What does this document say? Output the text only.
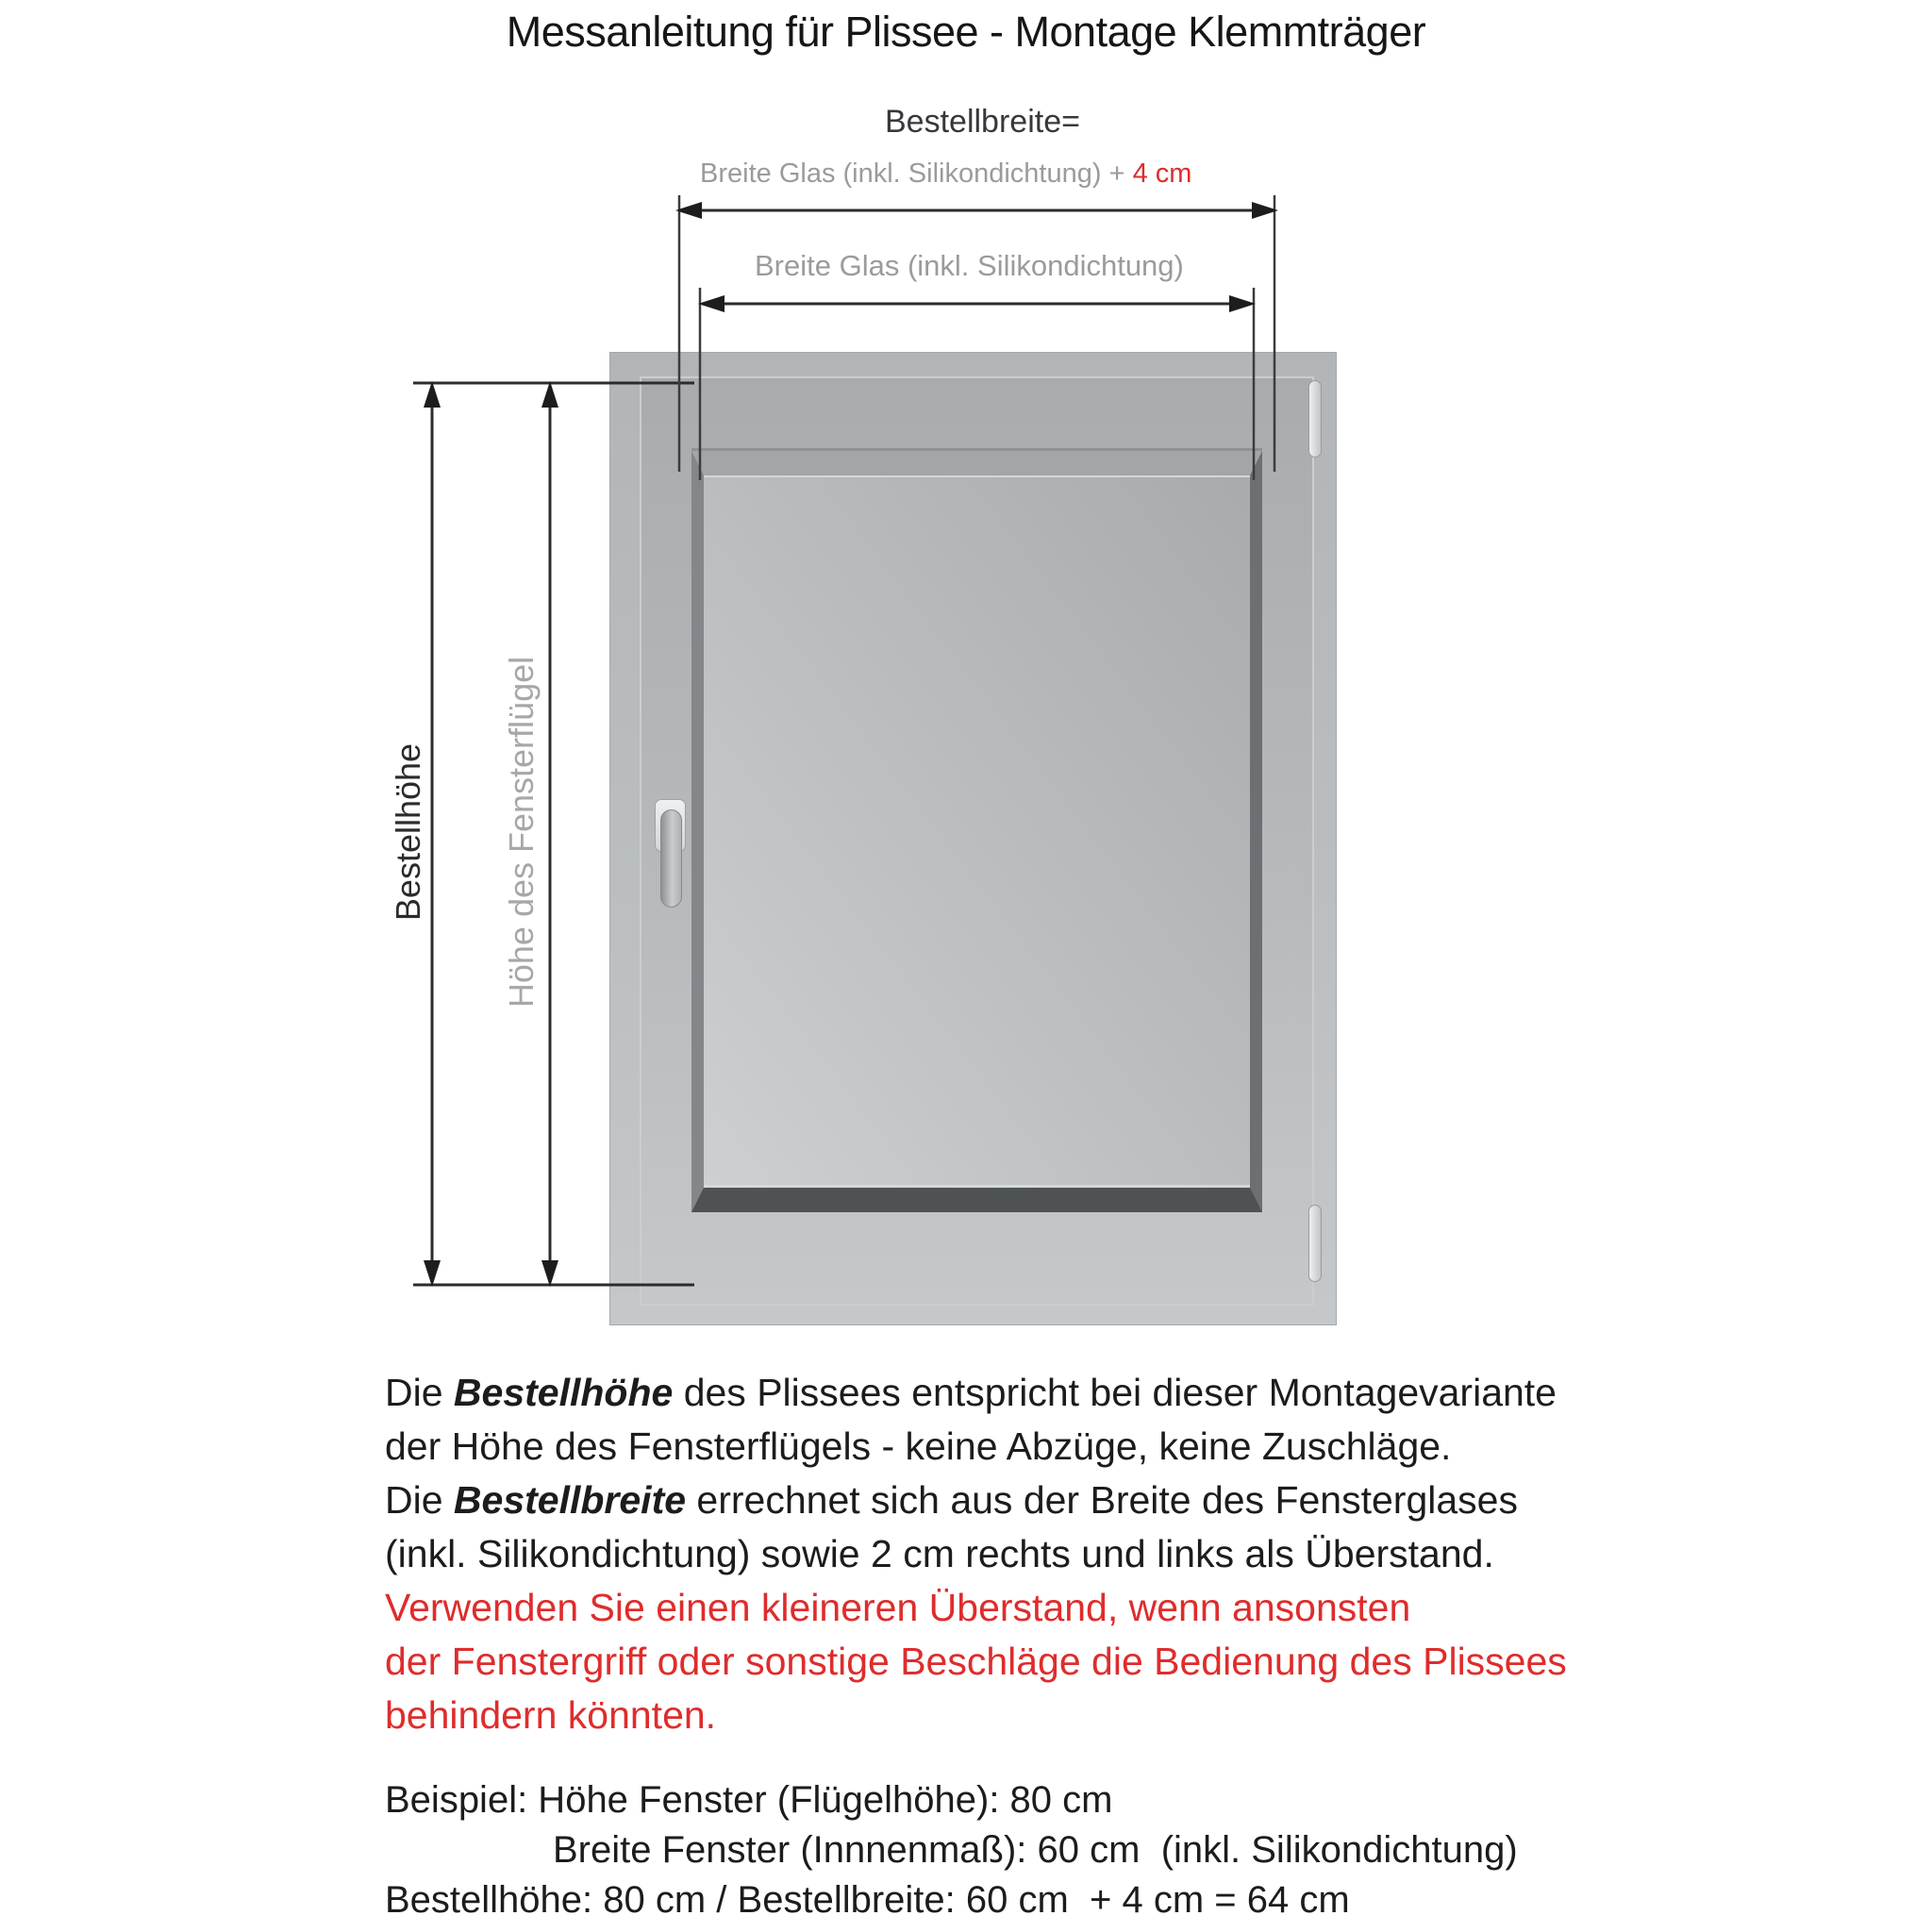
Messanleitung für Plissee - Montage Klemmträger
Bestellbreite=
Breite Glas (inkl. Silikondichtung) + 4 cm
Breite Glas (inkl. Silikondichtung)
Bestellhöhe Höhe des Fensterflügel
Die Bestellhöhe des Plissees entspricht bei dieser Montagevariante
der Höhe des Fensterflügels - keine Abzüge, keine Zuschläge.
Die Bestellbreite errechnet sich aus der Breite des Fensterglases
(inkl. Silikondichtung) sowie 2 cm rechts und links als Überstand.
Verwenden Sie einen kleineren Überstand, wenn ansonsten
der Fenstergriff oder sonstige Beschläge die Bedienung des Plissees
behindern könnten.
Beispiel: Höhe Fenster (Flügelhöhe): 80 cm
Breite Fenster (Innnenmaß): 60 cm  (inkl. Silikondichtung)
Bestellhöhe: 80 cm / Bestellbreite: 60 cm  + 4 cm = 64 cm
